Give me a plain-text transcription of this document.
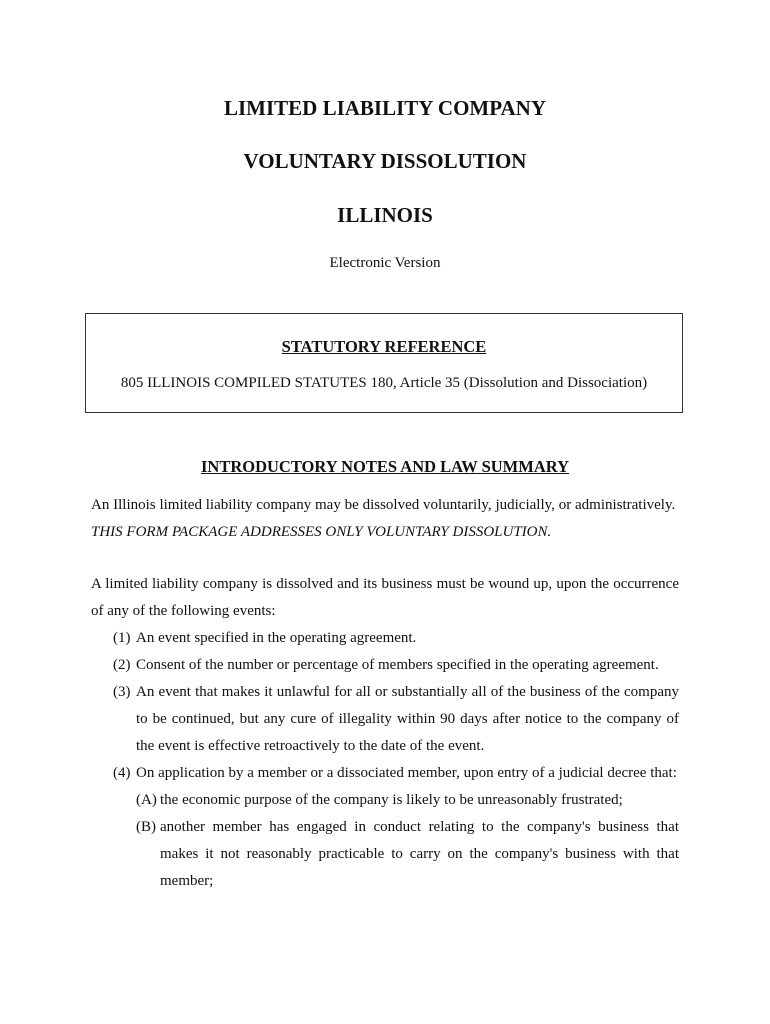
LIMITED LIABILITY COMPANY
VOLUNTARY DISSOLUTION
ILLINOIS

Electronic Version

STATUTORY REFERENCE

805 ILLINOIS COMPILED STATUTES 180, Article 35 (Dissolution and Dissociation)

INTRODUCTORY NOTES AND LAW SUMMARY

An Illinois limited liability company may be dissolved voluntarily, judicially, or administratively.  THIS FORM PACKAGE ADDRESSES ONLY VOLUNTARY DISSOLUTION.

A limited liability company is dissolved and its business must be wound up, upon the occurrence of any of the following events:

(1) An event specified in the operating agreement.
(2) Consent of the number or percentage of members specified in the operating agreement.
(3) An event that makes it unlawful for all or substantially all of the business of the company to be continued, but any cure of illegality within 90 days after notice to the company of the event is effective retroactively to the date of the event.
(4) On application by a member or a dissociated member, upon entry of a judicial decree that:
(A) the economic purpose of the company is likely to be unreasonably frustrated;
(B) another member has engaged in conduct relating to the company's business that makes it not reasonably practicable to carry on the company's business with that member;
